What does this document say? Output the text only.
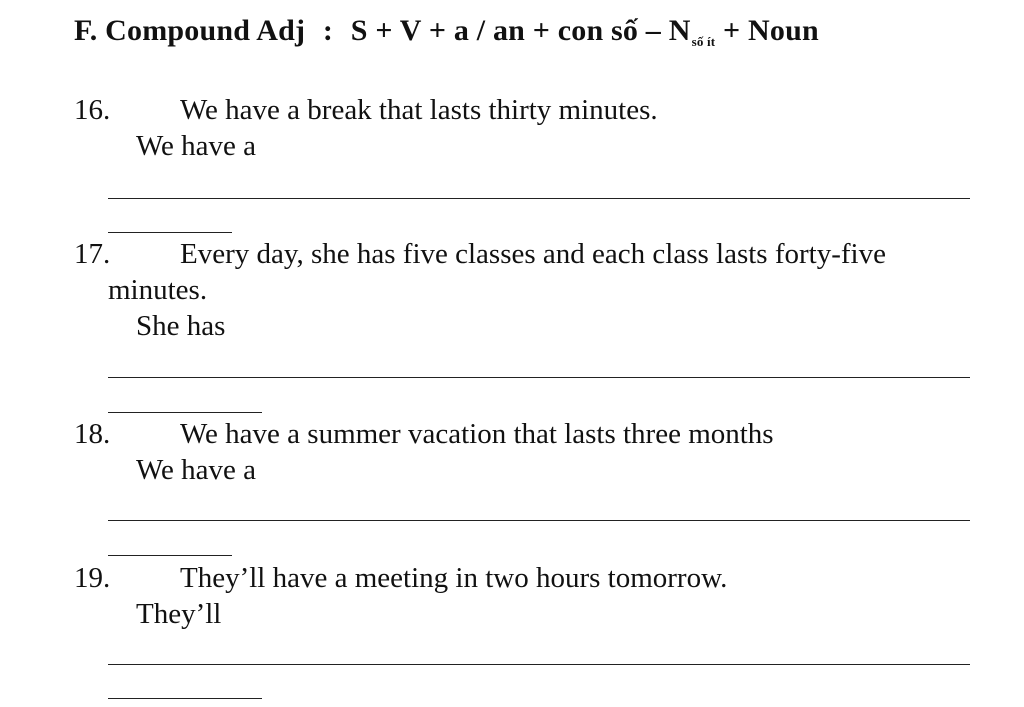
F. Compound Adj : S + V + a / an + con số – $N_{số ít}$ + Noun
16. We have a break that lasts thirty minutes.
We have a
17. Every day, she has five classes and each class lasts forty-five
minutes.
She has
18. We have a summer vacation that lasts three months
We have a
19. They’ll have a meeting in two hours tomorrow.
They’ll
